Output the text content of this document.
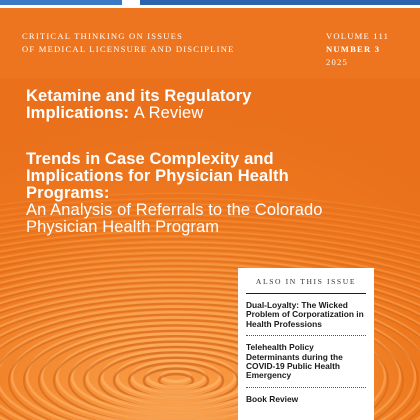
CRITICAL THINKING ON ISSUES
OF MEDICAL LICENSURE AND DISCIPLINE

VOLUME 111
NUMBER 3
2025

Ketamine and its Regulatory Implications: A Review
Trends in Case Complexity and Implications for Physician Health Programs:
An Analysis of Referrals to the Colorado Physician Health Program
ALSO IN THIS ISSUE
Dual-Loyalty: The Wicked Problem of Corporatization in Health Professions
Telehealth Policy Determinants during the COVID-19 Public Health Emergency
Book Review
